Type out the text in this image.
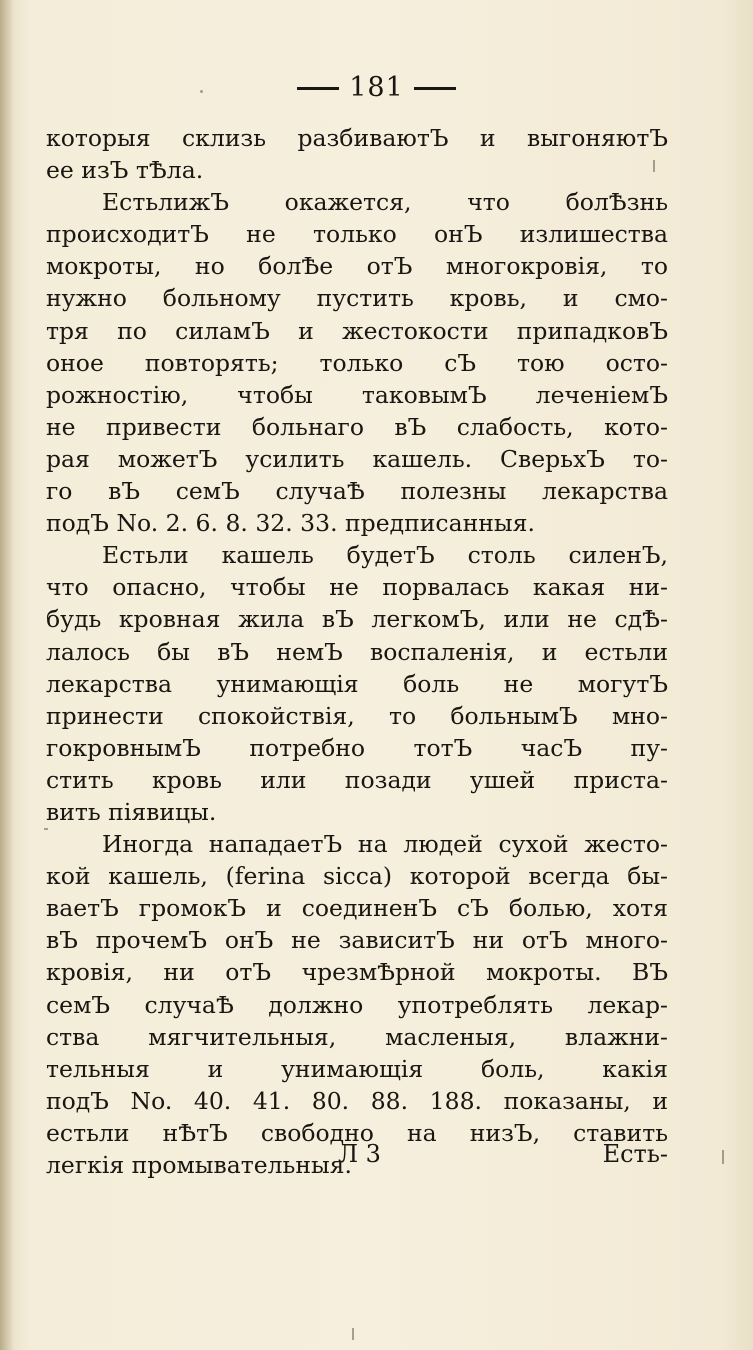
181
которыя склизь разбиваютЪ и выгоняютЪ
ее изЪ тѢла.
ЕстьлижЪ окажется, что болѢзнь
происходитЪ не только онЪ излишества
мокроты, но болѢе отЪ многокровія, то
нужно больному пустить кровь, и смо-
тря по силамЪ и жестокости припадковЪ
оное повторять; только сЪ тою осто-
рожностію, чтобы таковымЪ леченіемЪ
не привести больнаго вЪ слабость, кото-
рая можетЪ усилить кашель. СверьхЪ то-
го вЪ семЪ случаѢ полезны лекарства
подЪ No. 2. 6. 8. 32. 33. предписанныя.
Естьли кашель будетЪ столь силенЪ,
что опасно, чтобы не порвалась какая ни-
будь кровная жила вЪ легкомЪ, или не сдѢ-
лалось бы вЪ немЪ воспаленія, и естьли
лекарства унимающія боль не могутЪ
принести спокойствія, то больнымЪ мно-
гокровнымЪ потребно тотЪ часЪ пу-
стить кровь или позади ушей приста-
вить піявицы.
Иногда нападаетЪ на людей сухой жесто-
кой кашель, (ferina sicca) которой всегда бы-
ваетЪ громокЪ и соединенЪ сЪ болью, хотя
вЪ прочемЪ онЪ не зависитЪ ни отЪ много-
кровія, ни отЪ чрезмѢрной мокроты. ВЪ
семЪ случаѢ должно употреблять лекар-
ства мягчительныя, масленыя, влажни-
тельныя и унимающія боль, какія
подЪ No. 40. 41. 80. 88. 188. показаны, и
естьли нѢтЪ свободно на низЪ, ставить
легкія промывательныя.
Л 3	Есть-
